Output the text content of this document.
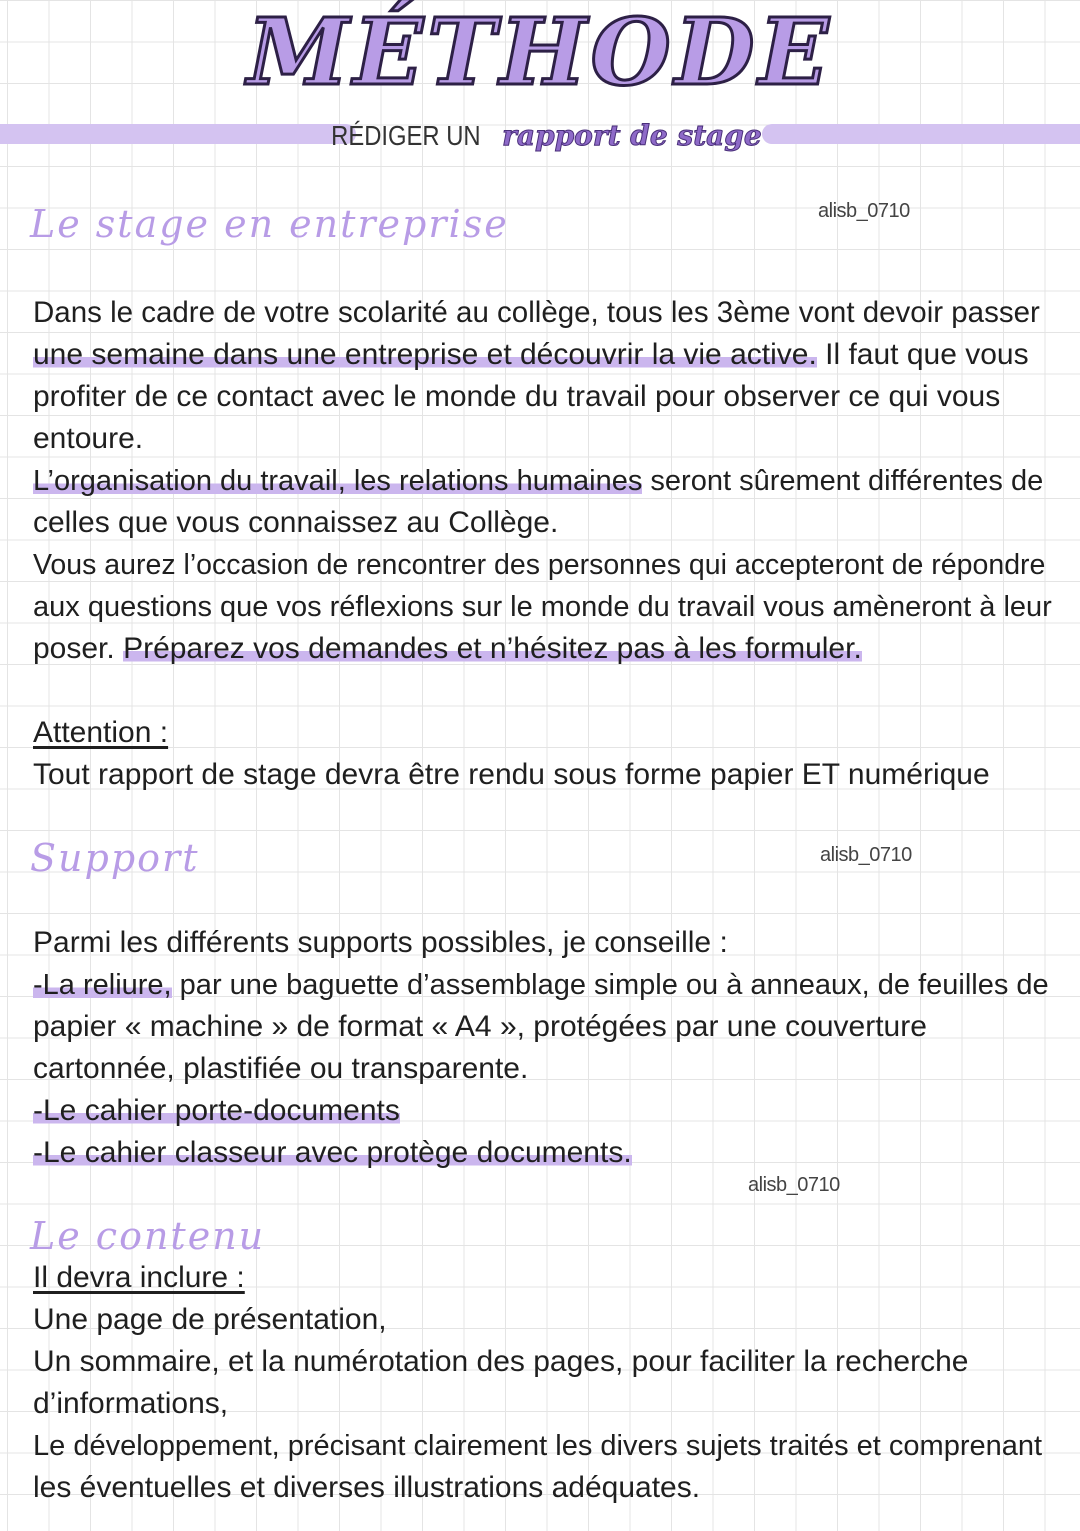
MÉTHODE
RÉDIGER UN rapport de stage
Le stage en entreprise	alisb_0710
Dans le cadre de votre scolarité au collège, tous les 3ème vont devoir passer
une semaine dans une entreprise et découvrir la vie active. Il faut que vous
profiter de ce contact avec le monde du travail pour observer ce qui vous
entoure.
L’organisation du travail, les relations humaines seront sûrement différentes de
celles que vous connaissez au Collège.
Vous aurez l’occasion de rencontrer des personnes qui accepteront de répondre
aux questions que vos réflexions sur le monde du travail vous amèneront à leur
poser. Préparez vos demandes et n’hésitez pas à les formuler.
Attention :
Tout rapport de stage devra être rendu sous forme papier ET numérique
Support	alisb_0710
Parmi les différents supports possibles, je conseille :
-La reliure, par une baguette d’assemblage simple ou à anneaux, de feuilles de
papier « machine » de format « A4 », protégées par une couverture
cartonnée, plastifiée ou transparente.
-Le cahier porte-documents
-Le cahier classeur avec protège documents.
alisb_0710
Le contenu
Il devra inclure :
Une page de présentation,
Un sommaire, et la numérotation des pages, pour faciliter la recherche
d’informations,
Le développement, précisant clairement les divers sujets traités et comprenant
les éventuelles et diverses illustrations adéquates.
